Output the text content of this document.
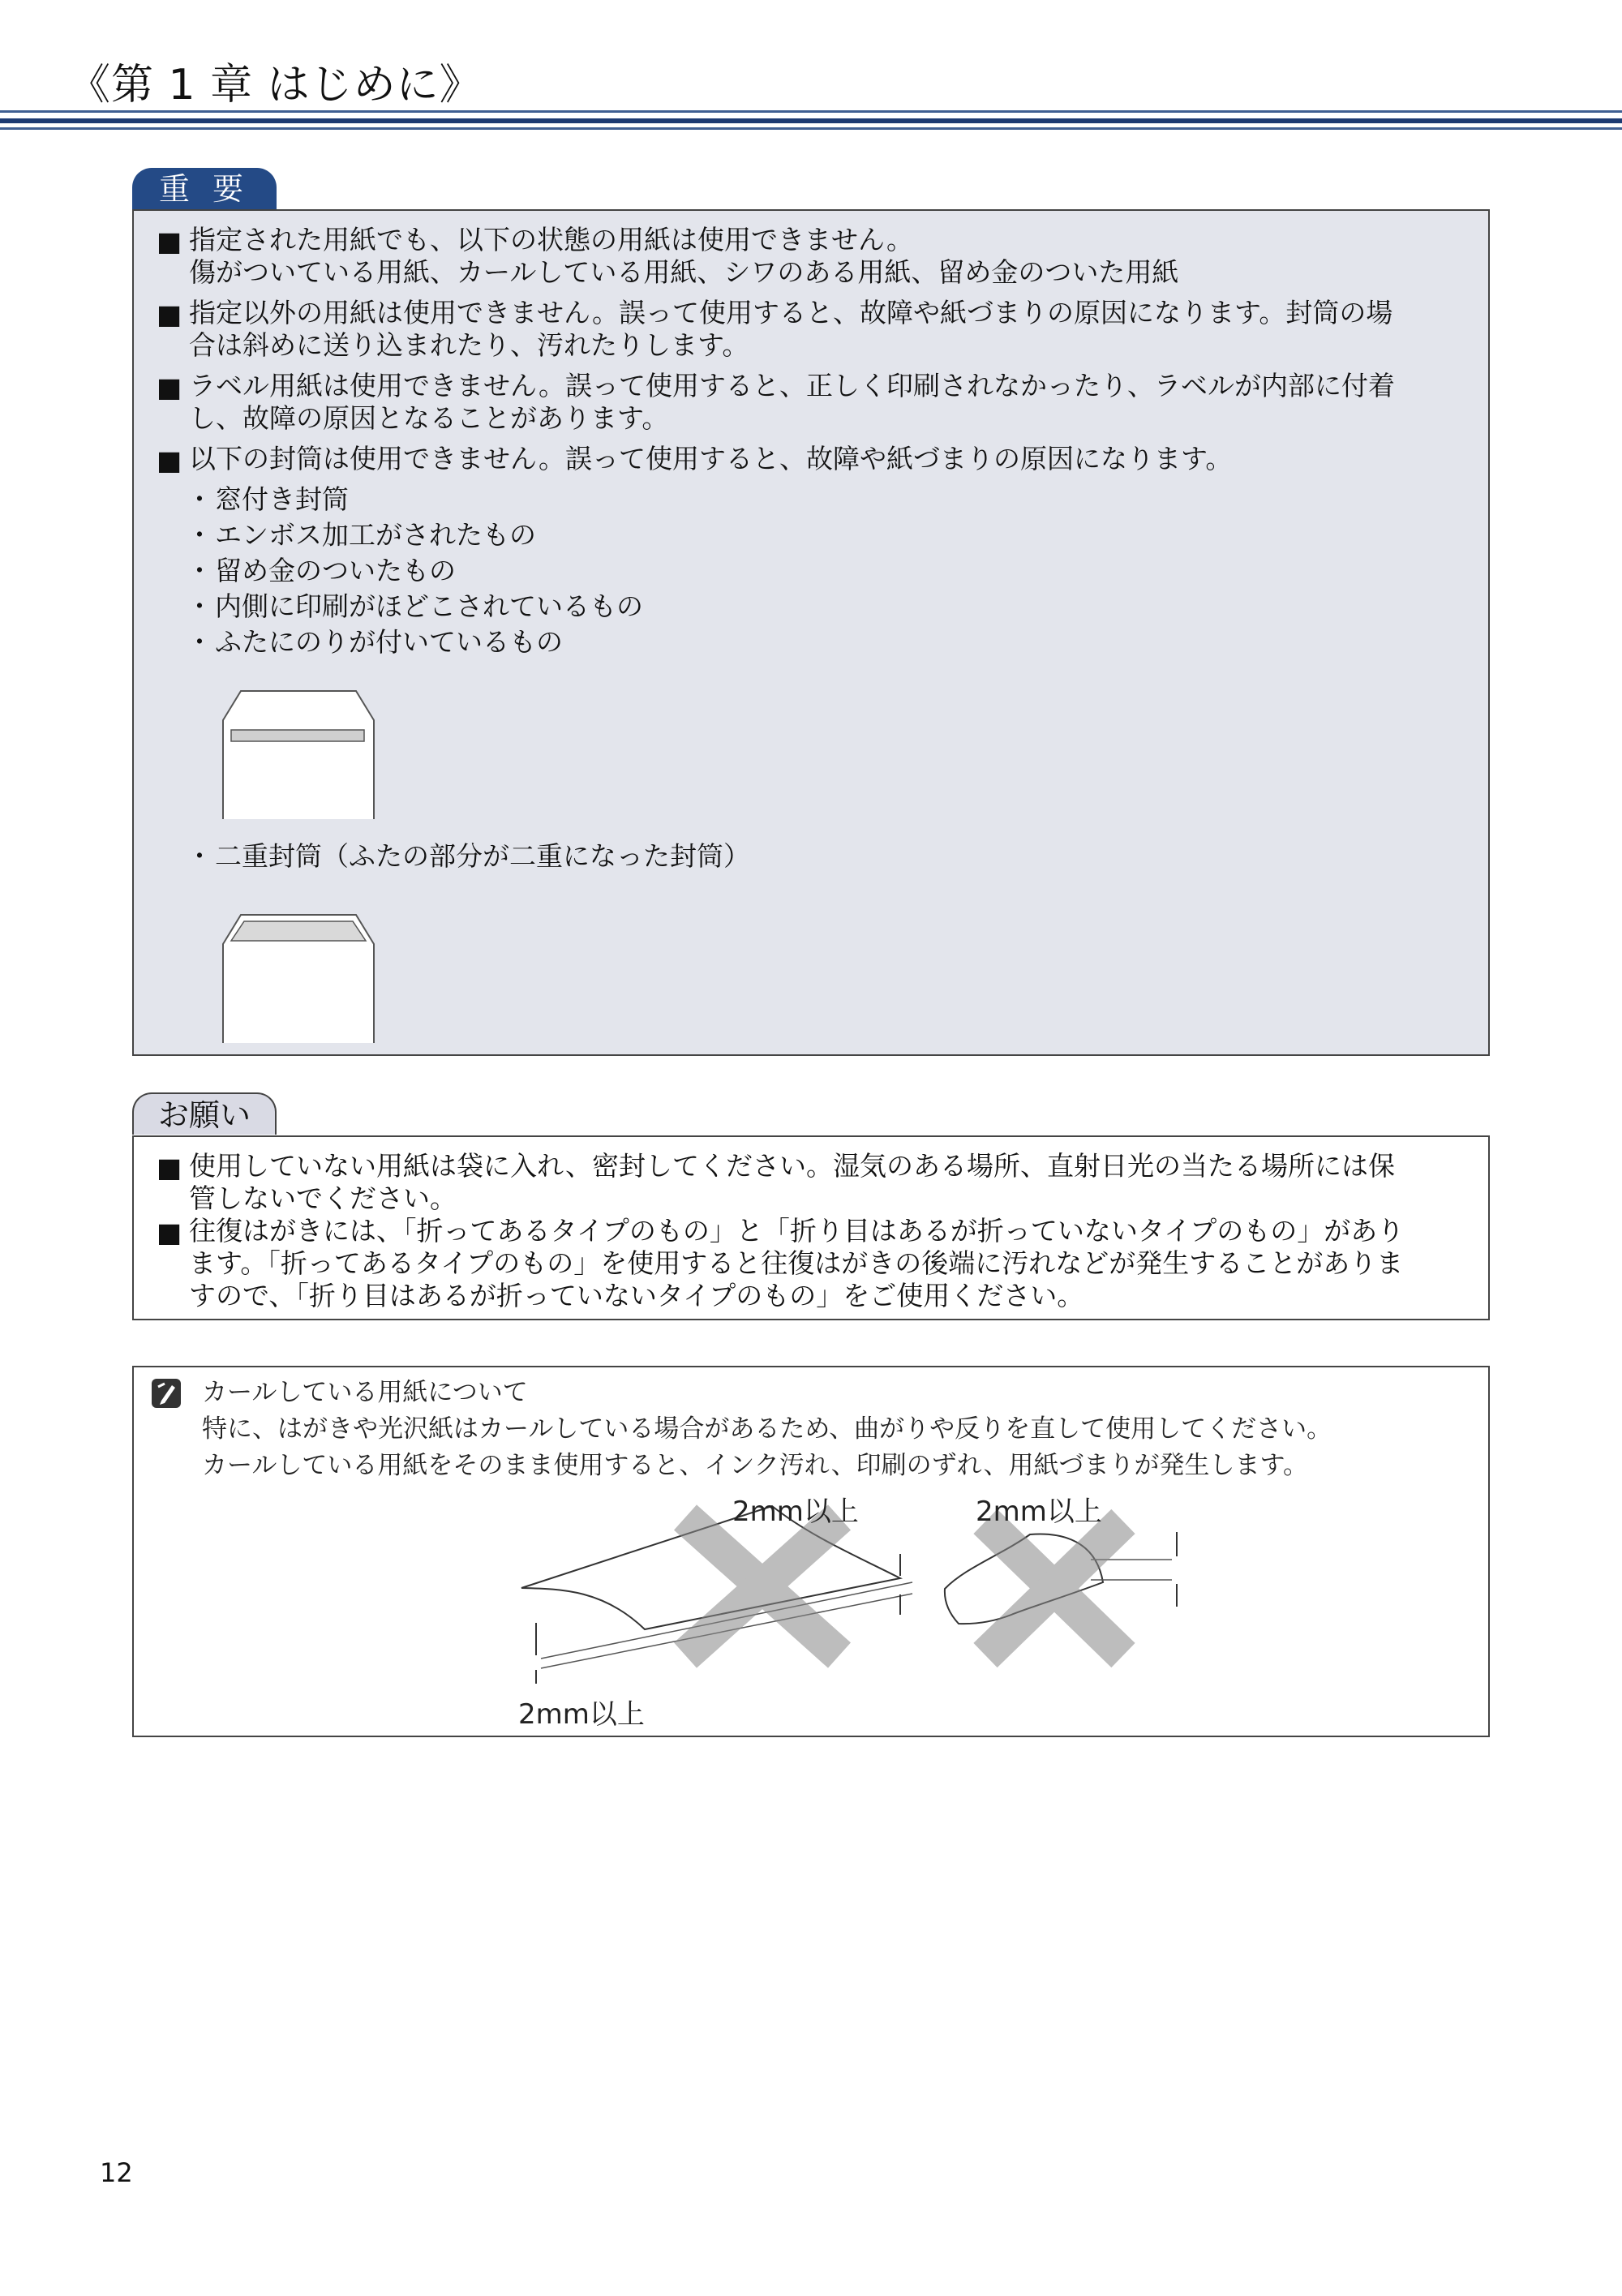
《第 1 章 はじめに》
重 要
■ 指定された用紙でも、以下の状態の用紙は使用できません。
傷がついている用紙、カールしている用紙、シワのある用紙、留め金のついた用紙
■ 指定以外の用紙は使用できません。誤って使用すると、故障や紙づまりの原因になります。封筒の場
合は斜めに送り込まれたり、汚れたりします。
■ ラベル用紙は使用できません。誤って使用すると、正しく印刷されなかったり、ラベルが内部に付着
し、故障の原因となることがあります。
■ 以下の封筒は使用できません。誤って使用すると、故障や紙づまりの原因になります。
・窓付き封筒
・エンボス加工がされたもの
・留め金のついたもの
・内側に印刷がほどこされているもの
・ふたにのりが付いているもの
・二重封筒（ふたの部分が二重になった封筒）
お願い
■ 使用していない用紙は袋に入れ、密封してください。湿気のある場所、直射日光の当たる場所には保
管しないでください。
■ 往復はがきには、「折ってあるタイプのもの」と「折り目はあるが折っていないタイプのもの」があり
ます。「折ってあるタイプのもの」を使用すると往復はがきの後端に汚れなどが発生することがありま
すので、「折り目はあるが折っていないタイプのもの」をご使用ください。
カールしている用紙について
特に、はがきや光沢紙はカールしている場合があるため、曲がりや反りを直して使用してください。
カールしている用紙をそのまま使用すると、インク汚れ、印刷のずれ、用紙づまりが発生します。
2mm以上	2mm以上
2mm以上
12
